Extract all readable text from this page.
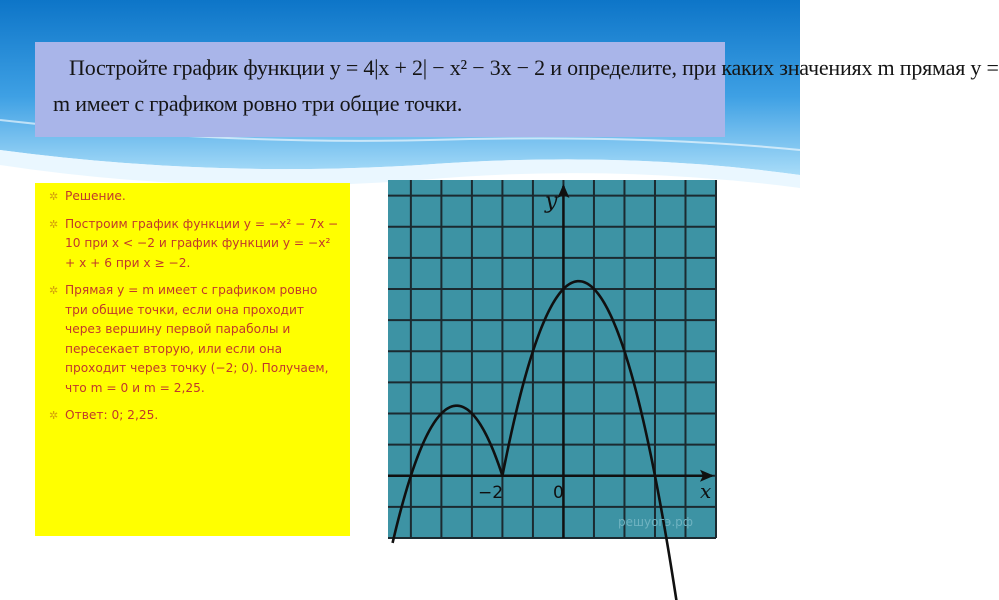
Постройте график функции y = 4|x + 2| − x² − 3x − 2 и определите, при каких значениях m прямая y =
m имеет с графиком ровно три общие точки.
✲ Решение.
✲ Построим график функции y = −x² − 7x − 10 при x < −2 и график функции y = −x² + x + 6 при x ≥ −2.
✲ Прямая y = m имеет с графиком ровно три общие точки, если она проходит через вершину первой параболы и пересекает вторую, или если она проходит через точку (−2; 0). Получаем, что m = 0 и m = 2,25.
✲ Ответ: 0; 2,25.
y
x
−2	0
решуогэ.рф
